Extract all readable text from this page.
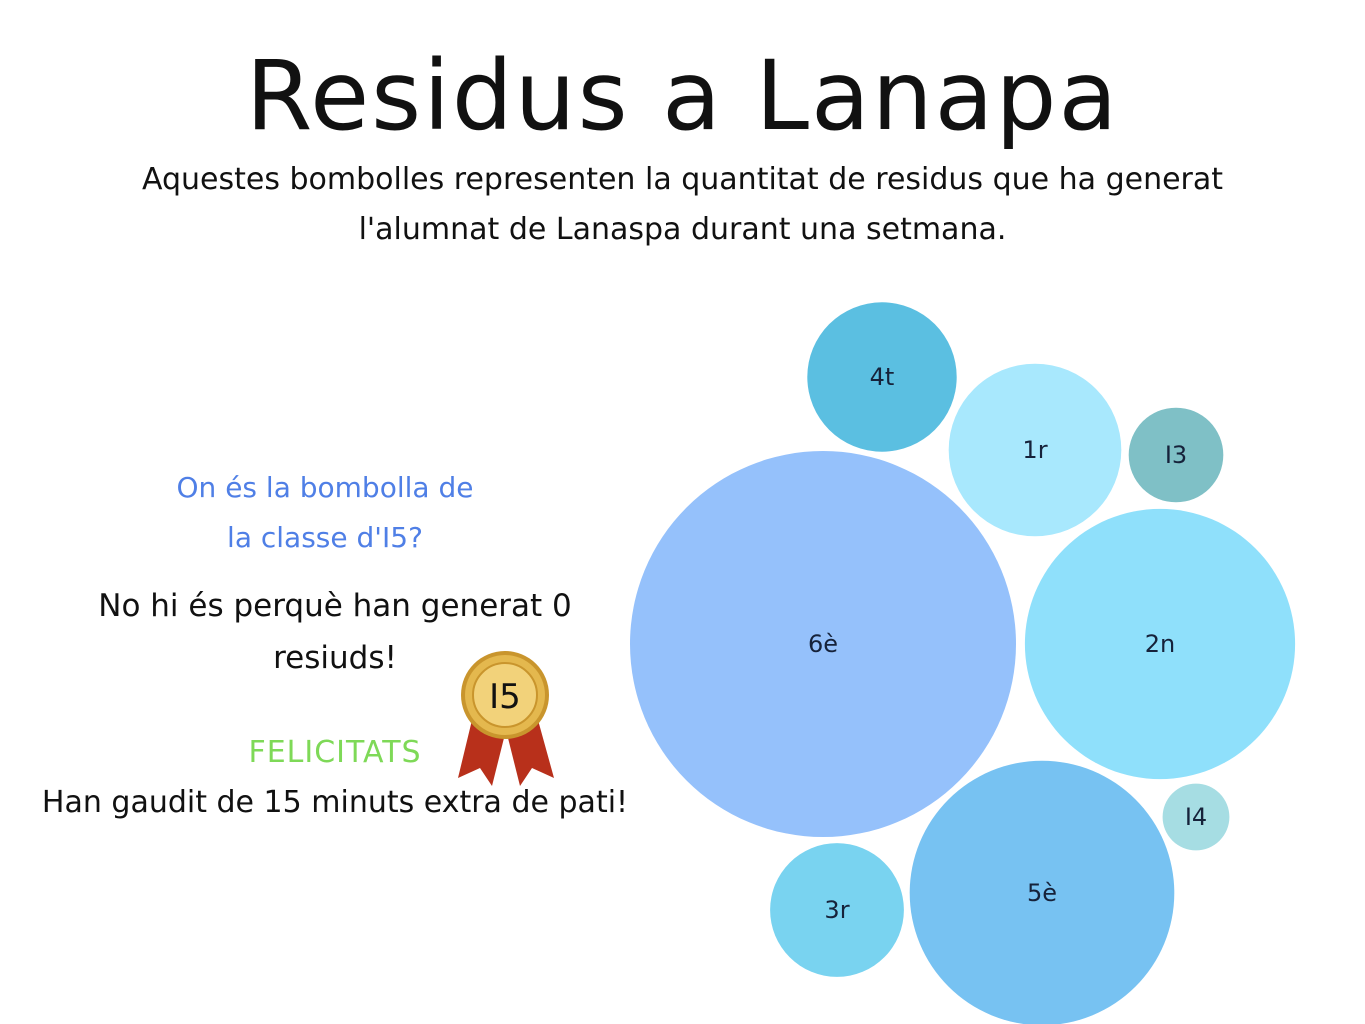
Residus a Lanapa
Aquestes bombolles representen la quantitat de residus que ha generat l'alumnat de Lanaspa durant una setmana.
On és la bombolla de
la classe d'I5?
No hi és perquè han generat 0 resiuds!
I5
FELICITATS
Han gaudit de 15 minuts extra de pati!
6è	2n
5è
1r
4t
3r
I3
I4
